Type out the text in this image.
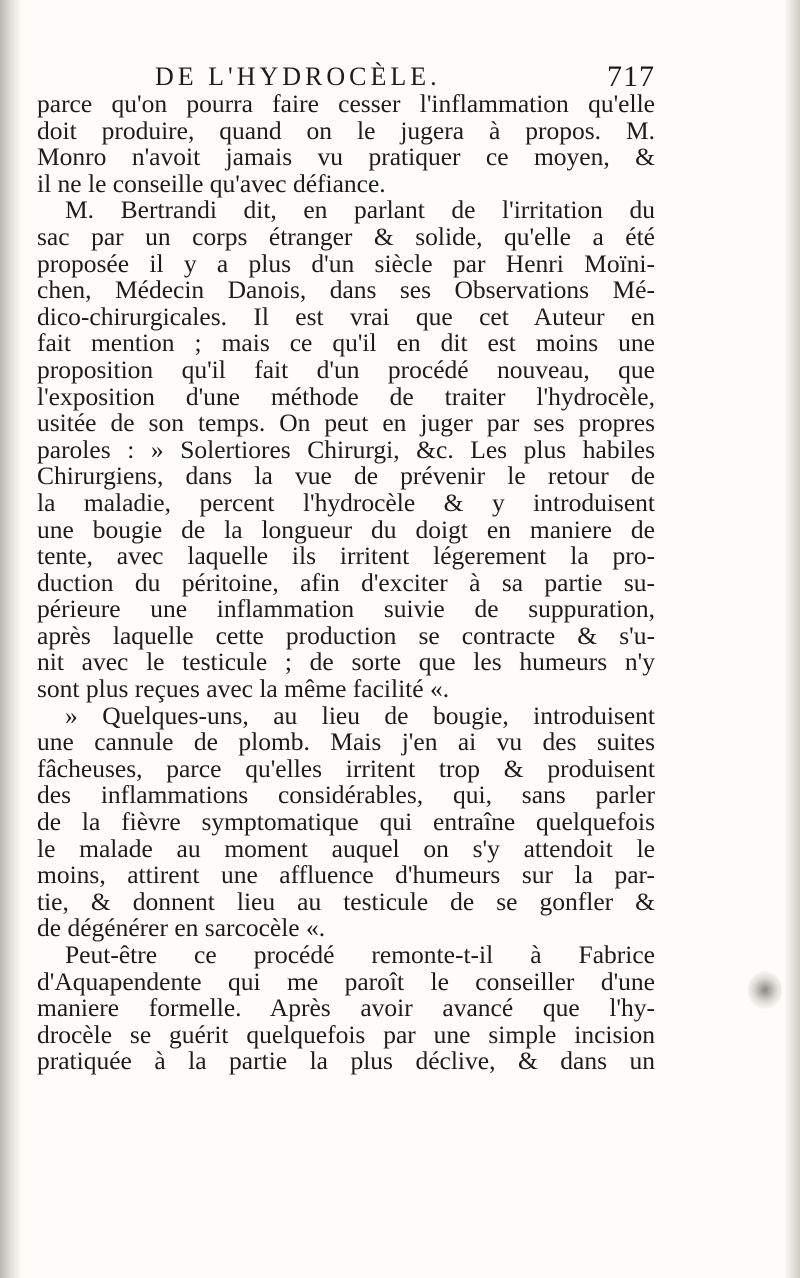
DE L'HYDROCÈLE.	717
parce qu'on pourra faire cesser l'inflammation qu'elle
doit produire, quand on le jugera à propos. M.
Monro n'avoit jamais vu pratiquer ce moyen, &
il ne le conseille qu'avec défiance.
M. Bertrandi dit, en parlant de l'irritation du
sac par un corps étranger & solide, qu'elle a été
proposée il y a plus d'un siècle par Henri Moïni-
chen, Médecin Danois, dans ses Observations Mé-
dico-chirurgicales. Il est vrai que cet Auteur en
fait mention ; mais ce qu'il en dit est moins une
proposition qu'il fait d'un procédé nouveau, que
l'exposition d'une méthode de traiter l'hydrocèle,
usitée de son temps. On peut en juger par ses propres
paroles : » Solertiores Chirurgi, &c. Les plus habiles
Chirurgiens, dans la vue de prévenir le retour de
la maladie, percent l'hydrocèle & y introduisent
une bougie de la longueur du doigt en maniere de
tente, avec laquelle ils irritent légerement la pro-
duction du péritoine, afin d'exciter à sa partie su-
périeure une inflammation suivie de suppuration,
après laquelle cette production se contracte & s'u-
nit avec le testicule ; de sorte que les humeurs n'y
sont plus reçues avec la même facilité «.
» Quelques-uns, au lieu de bougie, introduisent
une cannule de plomb. Mais j'en ai vu des suites
fâcheuses, parce qu'elles irritent trop & produisent
des inflammations considérables, qui, sans parler
de la fièvre symptomatique qui entraîne quelquefois
le malade au moment auquel on s'y attendoit le
moins, attirent une affluence d'humeurs sur la par-
tie, & donnent lieu au testicule de se gonfler &
de dégénérer en sarcocèle «.
Peut-être ce procédé remonte-t-il à Fabrice
d'Aquapendente qui me paroît le conseiller d'une
maniere formelle. Après avoir avancé que l'hy-
drocèle se guérit quelquefois par une simple incision
pratiquée à la partie la plus déclive, & dans un
